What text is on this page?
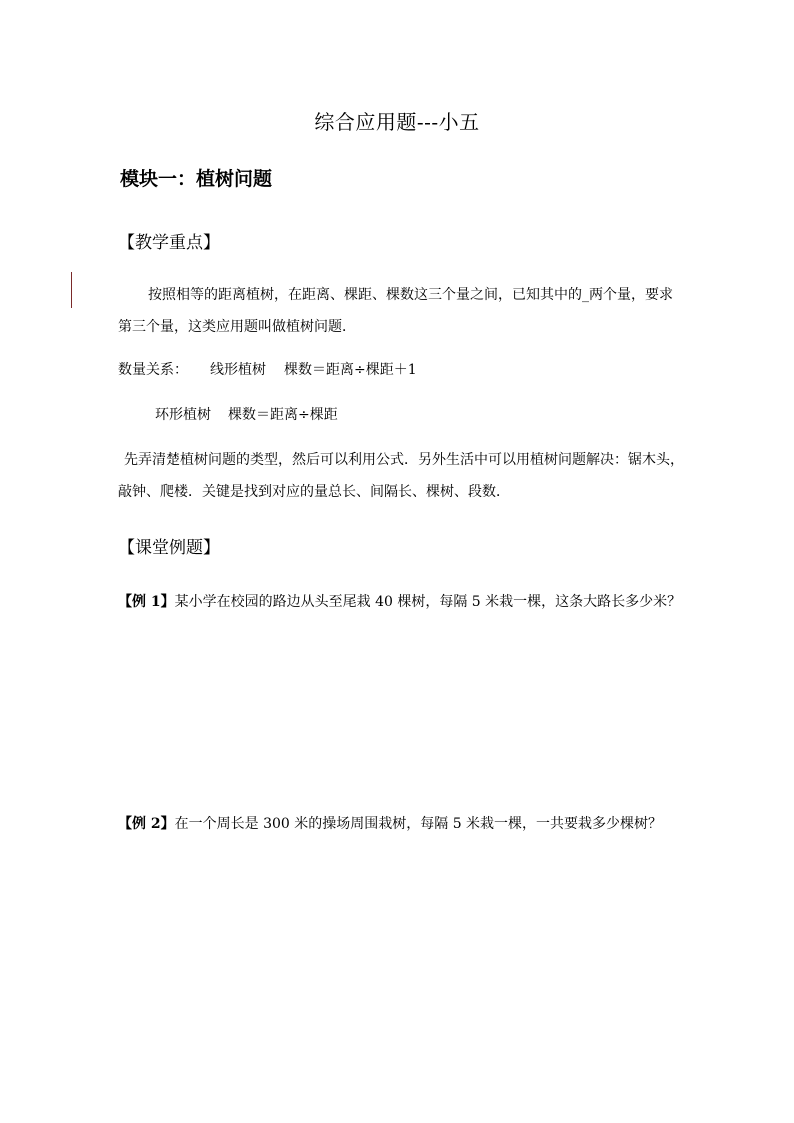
综合应用题---小五
模块一：植树问题
【教学重点】
按照相等的距离植树，在距离、棵距、棵数这三个量之间，已知其中的_两个量，要求
第三个量，这类应用题叫做植树问题．
数量关系： 线形植树 棵数＝距离÷棵距＋1
环形植树 棵数＝距离÷棵距
先弄清楚植树问题的类型，然后可以利用公式．另外生活中可以用植树问题解决：锯木头，
敲钟、爬楼．关键是找到对应的量总长、间隔长、棵树、段数．
【课堂例题】
【例 1】某小学在校园的路边从头至尾栽 40 棵树，每隔 5 米栽一棵，这条大路长多少米？
【例 2】在一个周长是 300 米的操场周围栽树，每隔 5 米栽一棵，一共要栽多少棵树？
